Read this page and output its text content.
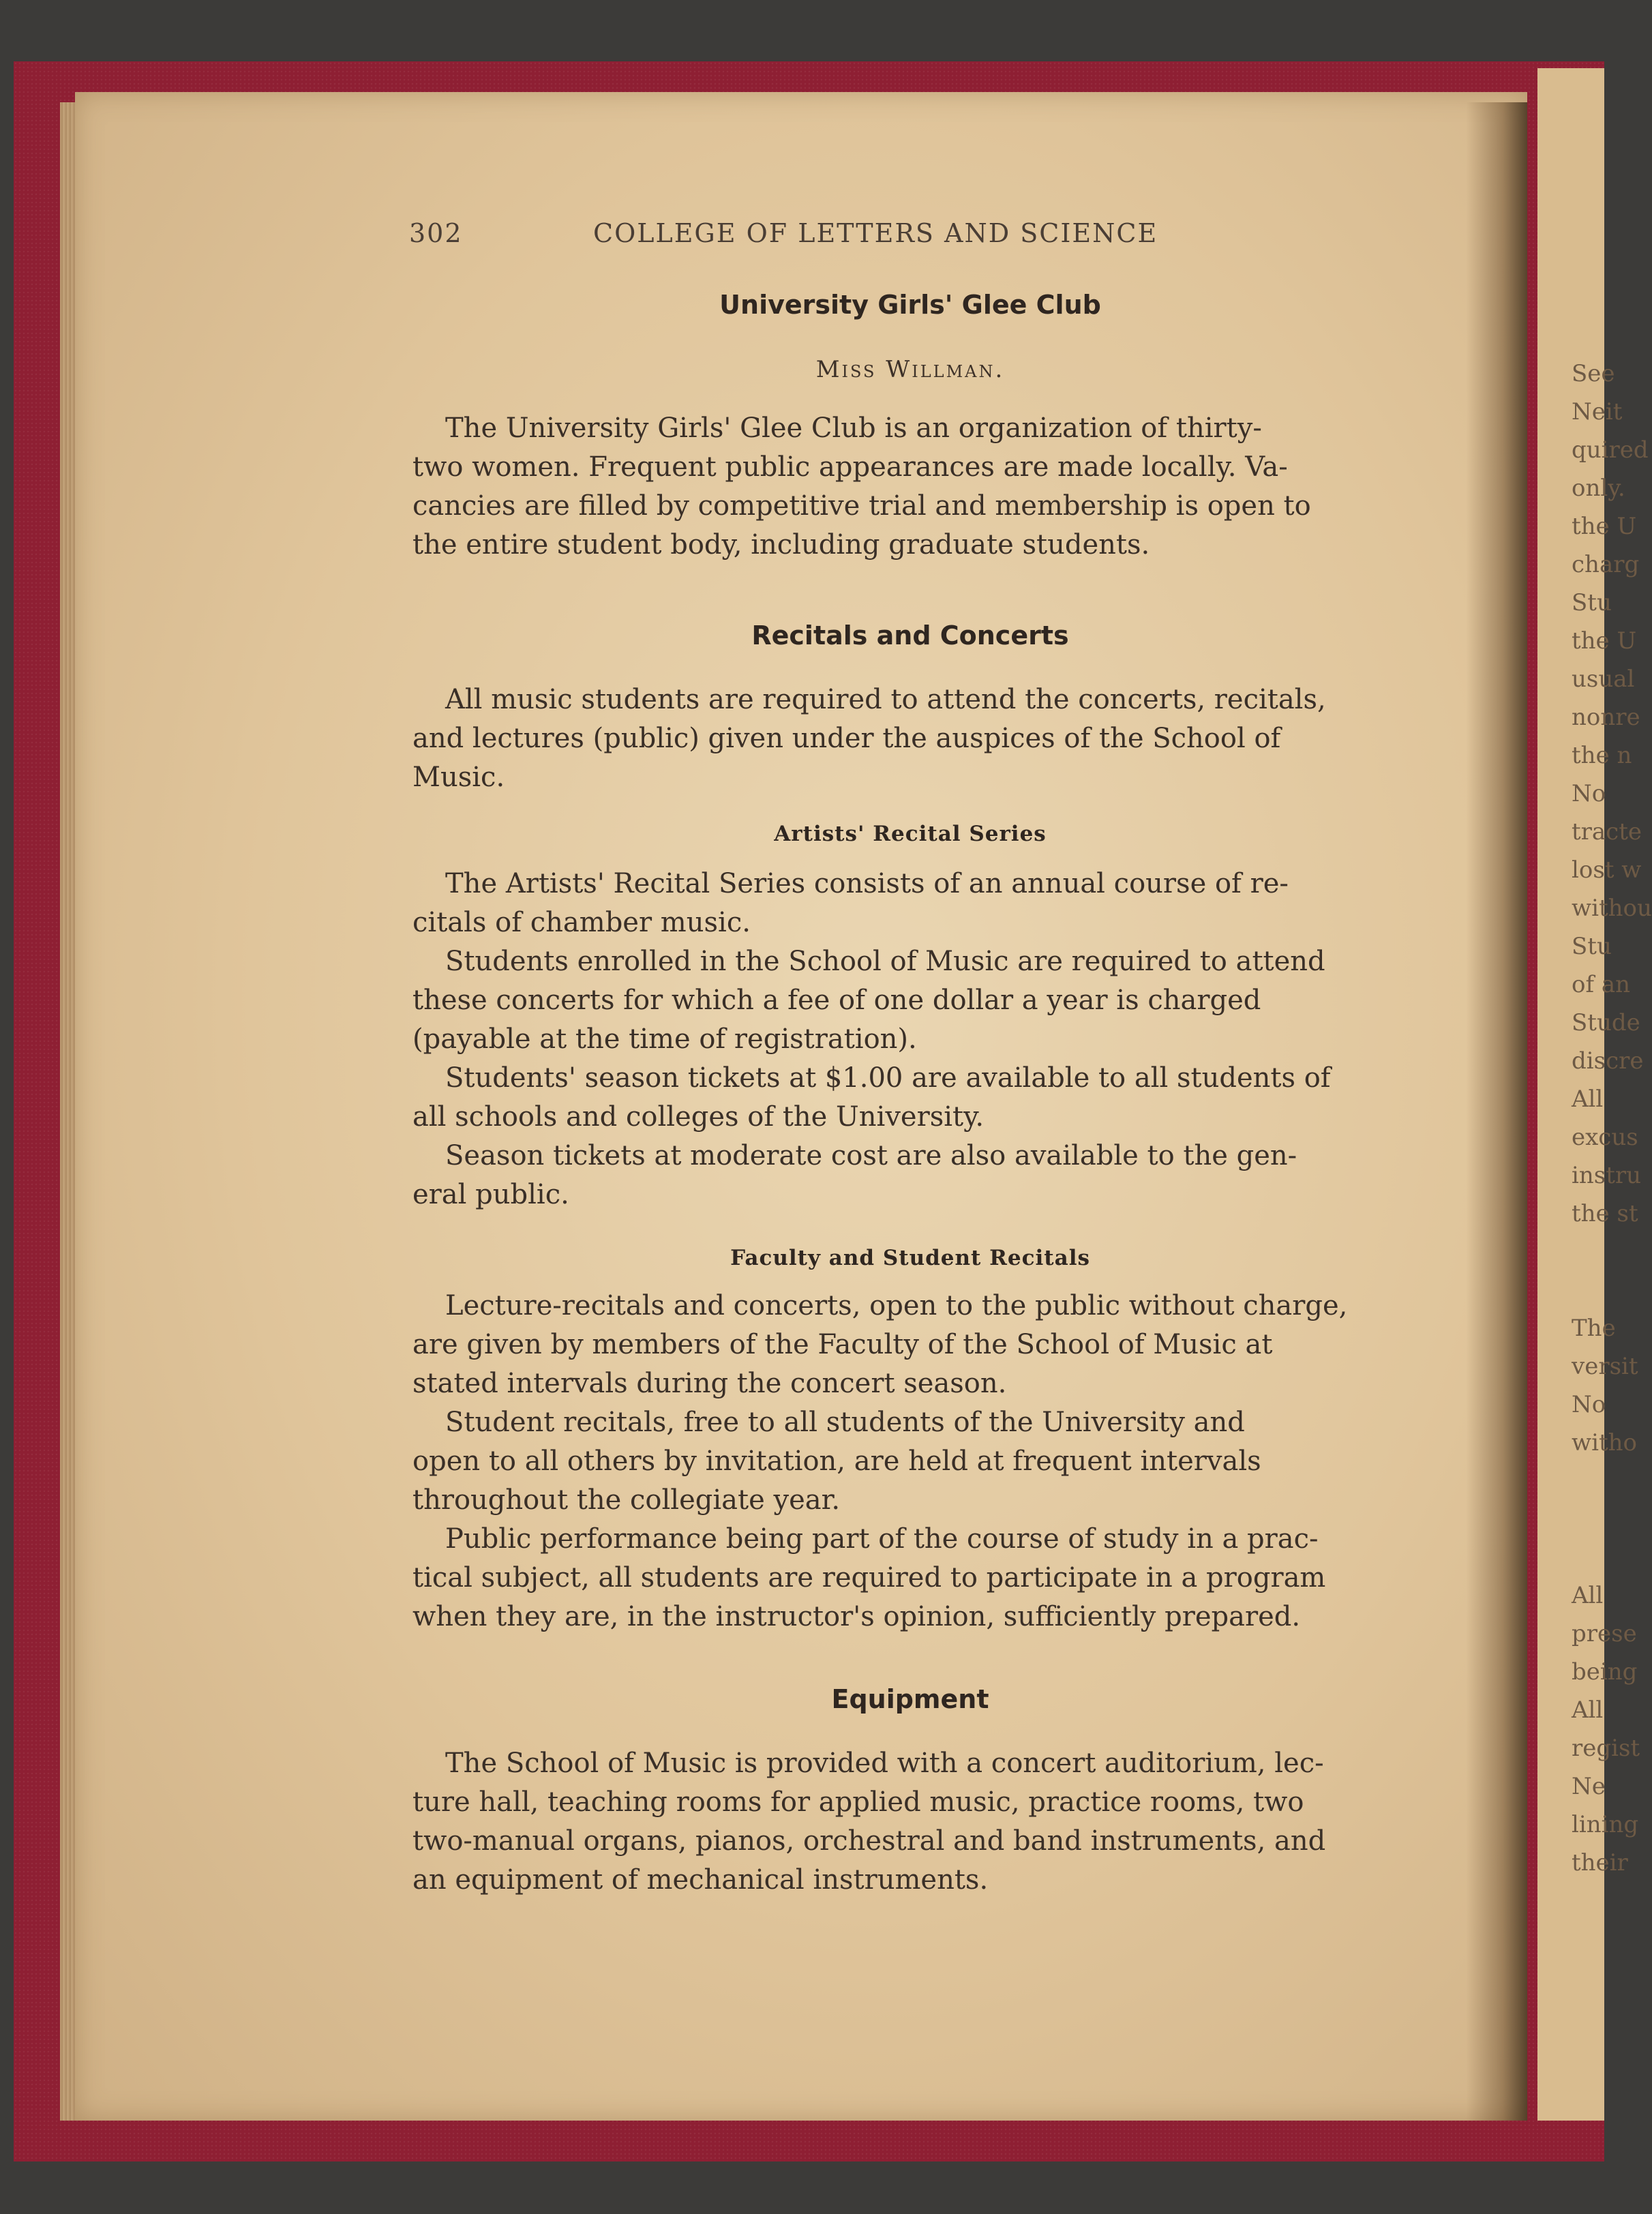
See
Neit
quired
only.
the U
charg
Stu
the U
usual
nonre
the n
No
tracte
lost w
withou
Stu
of an
Stude
discre
All
excus
instru
the st

The
versit
No
witho

All
prese
being
All
regist
Ne
lining
their
302	COLLEGE OF LETTERS AND SCIENCE
University Girls' Glee Club
Miss Willman.
The University Girls' Glee Club is an organization of thirty-
two women. Frequent public appearances are made locally. Va-
cancies are filled by competitive trial and membership is open to
the entire student body, including graduate students.
Recitals and Concerts
All music students are required to attend the concerts, recitals,
and lectures (public) given under the auspices of the School of
Music.
Artists' Recital Series
The Artists' Recital Series consists of an annual course of re-
citals of chamber music.
Students enrolled in the School of Music are required to attend
these concerts for which a fee of one dollar a year is charged
(payable at the time of registration).
Students' season tickets at $1.00 are available to all students of
all schools and colleges of the University.
Season tickets at moderate cost are also available to the gen-
eral public.
Faculty and Student Recitals
Lecture-recitals and concerts, open to the public without charge,
are given by members of the Faculty of the School of Music at
stated intervals during the concert season.
Student recitals, free to all students of the University and
open to all others by invitation, are held at frequent intervals
throughout the collegiate year.
Public performance being part of the course of study in a prac-
tical subject, all students are required to participate in a program
when they are, in the instructor's opinion, sufficiently prepared.
Equipment
The School of Music is provided with a concert auditorium, lec-
ture hall, teaching rooms for applied music, practice rooms, two
two-manual organs, pianos, orchestral and band instruments, and
an equipment of mechanical instruments.
